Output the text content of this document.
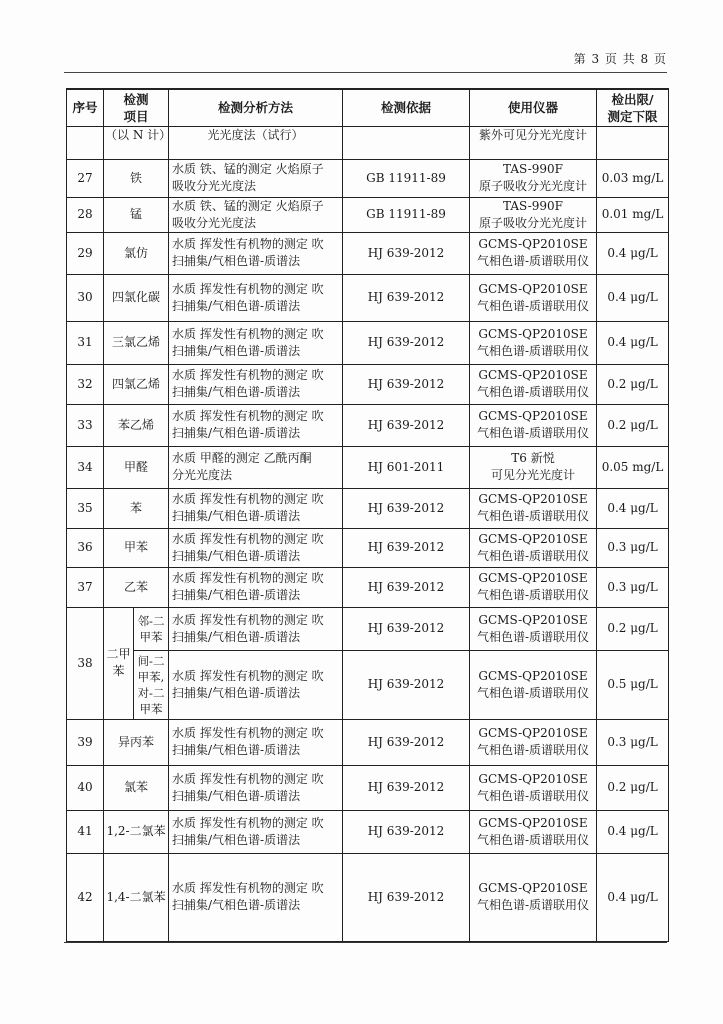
第 3 页 共 8 页
序号	检测
项目		检测分析方法	检测依据	使用仪器	检出限/
测定下限
	（以 N 计）		光光度法（试行）		紫外可见分光光度计	
27	铁		水质 铁、锰的测定 火焰原子
吸收分光光度法	GB 11911-89	TAS-990F
原子吸收分光光度计	0.03 mg/L
28	锰		水质 铁、锰的测定 火焰原子
吸收分光光度法	GB 11911-89	TAS-990F
原子吸收分光光度计	0.01 mg/L
29	氯仿		水质 挥发性有机物的测定 吹
扫捕集/气相色谱-质谱法	HJ 639-2012	GCMS-QP2010SE
气相色谱-质谱联用仪	0.4 μg/L
30	四氯化碳		水质 挥发性有机物的测定 吹
扫捕集/气相色谱-质谱法	HJ 639-2012	GCMS-QP2010SE
气相色谱-质谱联用仪	0.4 μg/L
31	三氯乙烯		水质 挥发性有机物的测定 吹
扫捕集/气相色谱-质谱法	HJ 639-2012	GCMS-QP2010SE
气相色谱-质谱联用仪	0.4 μg/L
32	四氯乙烯		水质 挥发性有机物的测定 吹
扫捕集/气相色谱-质谱法	HJ 639-2012	GCMS-QP2010SE
气相色谱-质谱联用仪	0.2 μg/L
33	苯乙烯		水质 挥发性有机物的测定 吹
扫捕集/气相色谱-质谱法	HJ 639-2012	GCMS-QP2010SE
气相色谱-质谱联用仪	0.2 μg/L
34	甲醛		水质 甲醛的测定 乙酰丙酮
分光光度法	HJ 601-2011	T6 新悦
可见分光光度计	0.05 mg/L
35	苯		水质 挥发性有机物的测定 吹
扫捕集/气相色谱-质谱法	HJ 639-2012	GCMS-QP2010SE
气相色谱-质谱联用仪	0.4 μg/L
36	甲苯		水质 挥发性有机物的测定 吹
扫捕集/气相色谱-质谱法	HJ 639-2012	GCMS-QP2010SE
气相色谱-质谱联用仪	0.3 μg/L
37	乙苯		水质 挥发性有机物的测定 吹
扫捕集/气相色谱-质谱法	HJ 639-2012	GCMS-QP2010SE
气相色谱-质谱联用仪	0.3 μg/L
38	二甲
苯	邻-二
甲苯	水质 挥发性有机物的测定 吹
扫捕集/气相色谱-质谱法	HJ 639-2012	GCMS-QP2010SE
气相色谱-质谱联用仪	0.2 μg/L
		间-二
甲苯,
对-二
甲苯	水质 挥发性有机物的测定 吹
扫捕集/气相色谱-质谱法	HJ 639-2012	GCMS-QP2010SE
气相色谱-质谱联用仪	0.5 μg/L
39	异丙苯		水质 挥发性有机物的测定 吹
扫捕集/气相色谱-质谱法	HJ 639-2012	GCMS-QP2010SE
气相色谱-质谱联用仪	0.3 μg/L
40	氯苯		水质 挥发性有机物的测定 吹
扫捕集/气相色谱-质谱法	HJ 639-2012	GCMS-QP2010SE
气相色谱-质谱联用仪	0.2 μg/L
41	1,2-二氯苯		水质 挥发性有机物的测定 吹
扫捕集/气相色谱-质谱法	HJ 639-2012	GCMS-QP2010SE
气相色谱-质谱联用仪	0.4 μg/L
42	1,4-二氯苯		水质 挥发性有机物的测定 吹
扫捕集/气相色谱-质谱法	HJ 639-2012	GCMS-QP2010SE
气相色谱-质谱联用仪	0.4 μg/L
